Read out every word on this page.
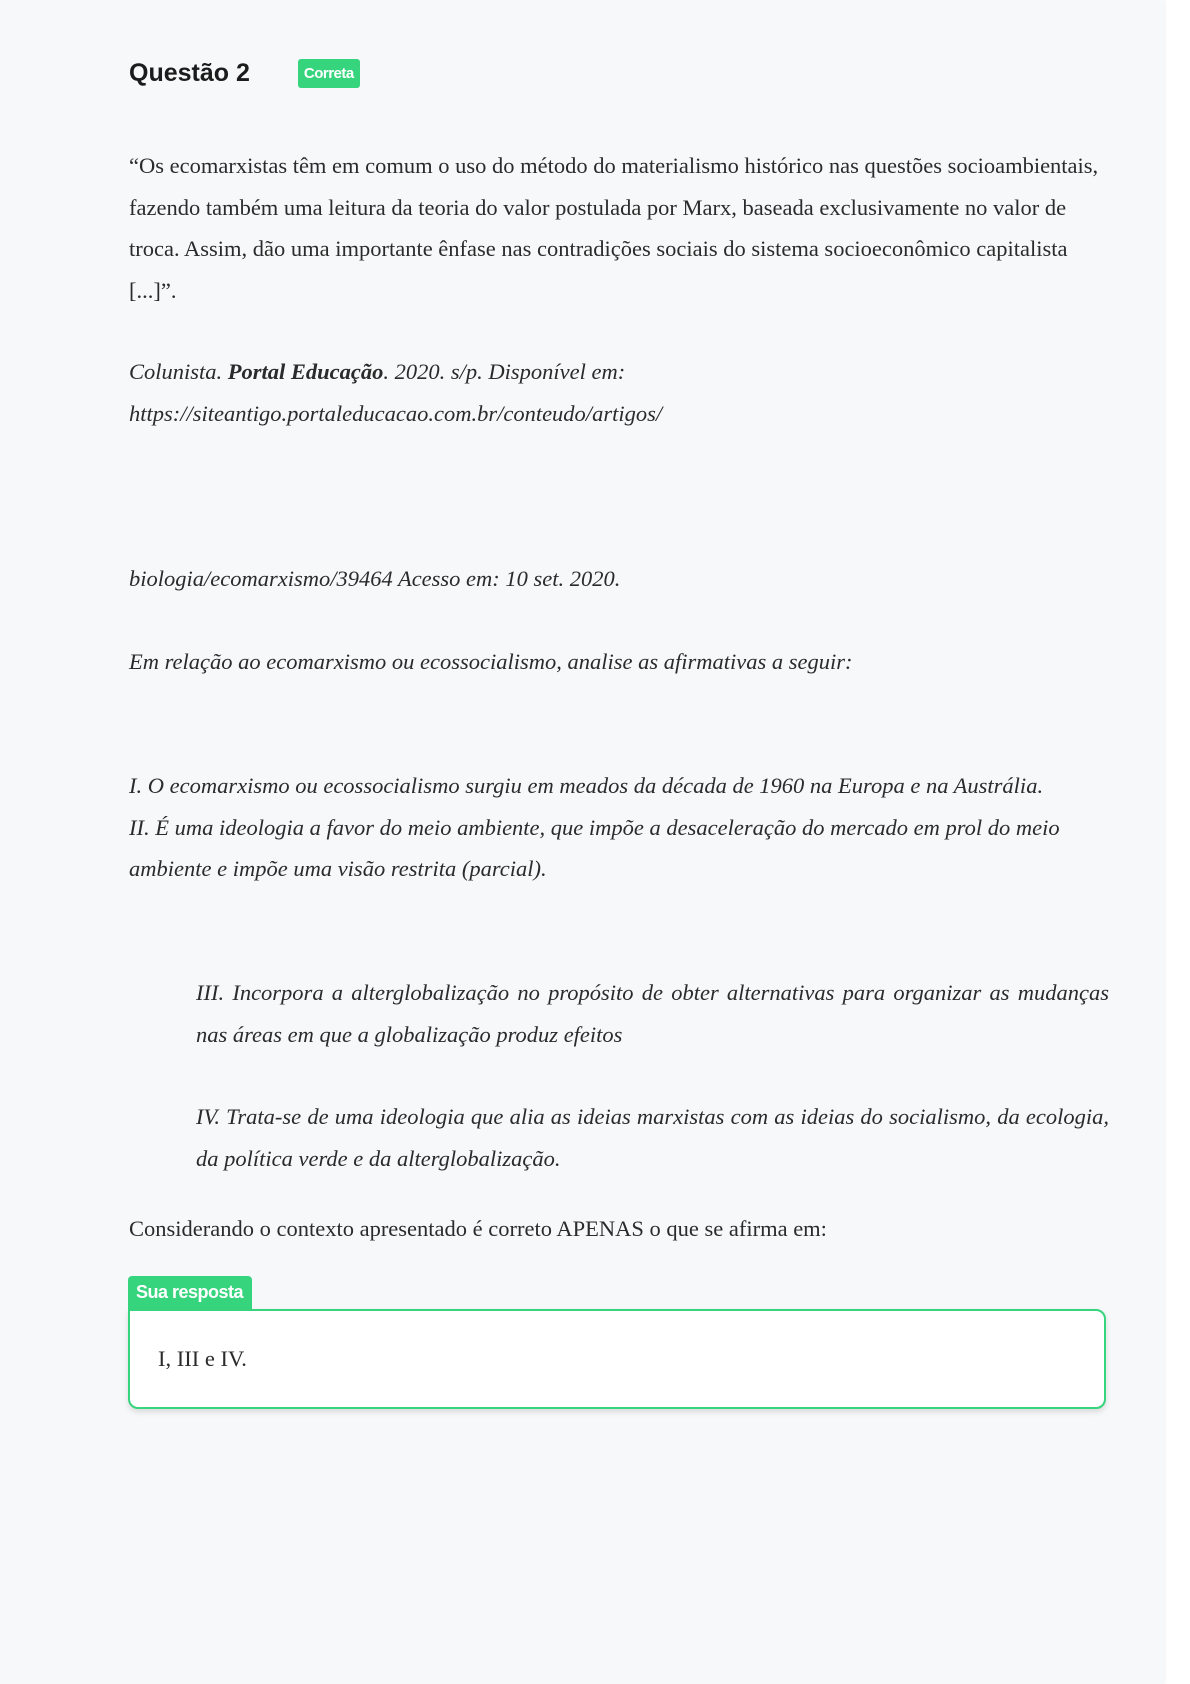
Questão 2	Correta

“Os ecomarxistas têm em comum o uso do método do materialismo histórico nas questões socioambientais, fazendo também uma leitura da teoria do valor postulada por Marx, baseada exclusivamente no valor de troca. Assim, dão uma importante ênfase nas contradições sociais do sistema socioeconômico capitalista [...]”.

Colunista. Portal Educação. 2020. s/p. Disponível em:
https://siteantigo.portaleducacao.com.br/conteudo/artigos/

biologia/ecomarxismo/39464 Acesso em: 10 set. 2020.

Em relação ao ecomarxismo ou ecossocialismo, analise as afirmativas a seguir:

I. O ecomarxismo ou ecossocialismo surgiu em meados da década de 1960 na Europa e na Austrália.
II. É uma ideologia a favor do meio ambiente, que impõe a desaceleração do mercado em prol do meio ambiente e impõe uma visão restrita (parcial).

III. Incorpora a alterglobalização no propósito de obter alternativas para organizar as mudanças nas áreas em que a globalização produz efeitos

IV. Trata-se de uma ideologia que alia as ideias marxistas com as ideias do socialismo, da ecologia, da política verde e da alterglobalização.

Considerando o contexto apresentado é correto APENAS o que se afirma em:

Sua resposta

I, III e IV.
